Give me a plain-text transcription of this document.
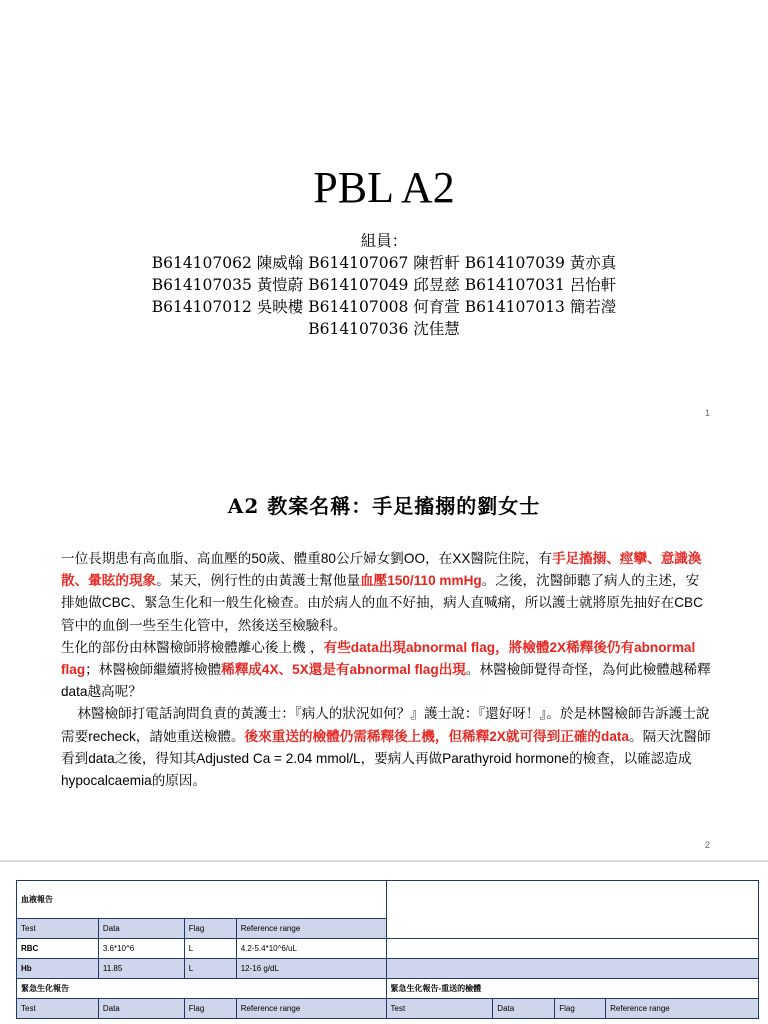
PBL A2
組員：
B614107062 陳威翰 B614107067 陳哲軒 B614107039 黃亦真
B614107035 黃愷蔚 B614107049 邱昱慈 B614107031 呂怡軒
B614107012 吳映樓 B614107008 何育萱 B614107013 簡若瀅
B614107036 沈佳慧
1
A2 教案名稱：手足搐搦的劉女士

一位長期患有高血脂、高血壓的50歲、體重80公斤婦女劉OO，在XX醫院住院，有手足搐搦、痙攣、意識渙散、暈眩的現象。某天，例行性的由黃護士幫他量血壓150/110 mmHg。之後，沈醫師聽了病人的主述，安排她做CBC、緊急生化和一般生化檢查。由於病人的血不好抽，病人直喊痛，所以護士就將原先抽好在CBC管中的血倒一些至生化管中，然後送至檢驗科。

生化的部份由林醫檢師將檢體離心後上機 ，有些data出現abnormal flag，將檢體2X稀釋後仍有abnormal flag；林醫檢師繼續將檢體稀釋成4X、5X還是有abnormal flag出現。林醫檢師覺得奇怪，為何此檢體越稀釋data越高呢？

林醫檢師打電話詢問負責的黃護士：『病人的狀況如何？』護士說：『還好呀！』。於是林醫檢師告訴護士說需要recheck，請她重送檢體。後來重送的檢體仍需稀釋後上機，但稀釋2X就可得到正確的data。隔天沈醫師看到data之後，得知其Adjusted Ca = 2.04 mmol/L，要病人再做Parathyroid hormone的檢查，以確認造成hypocalcaemia的原因。

2
血液報告							
Test	Data	Flag	Reference range				
RBC	3.6*10^6	L	4.2-5.4*10^6/uL				
Hb	11.85	L	12-16 g/dL				
緊急生化報告				緊急生化報告-重送的檢體			
Test	Data	Flag	Reference range	Test	Data	Flag	Reference range
